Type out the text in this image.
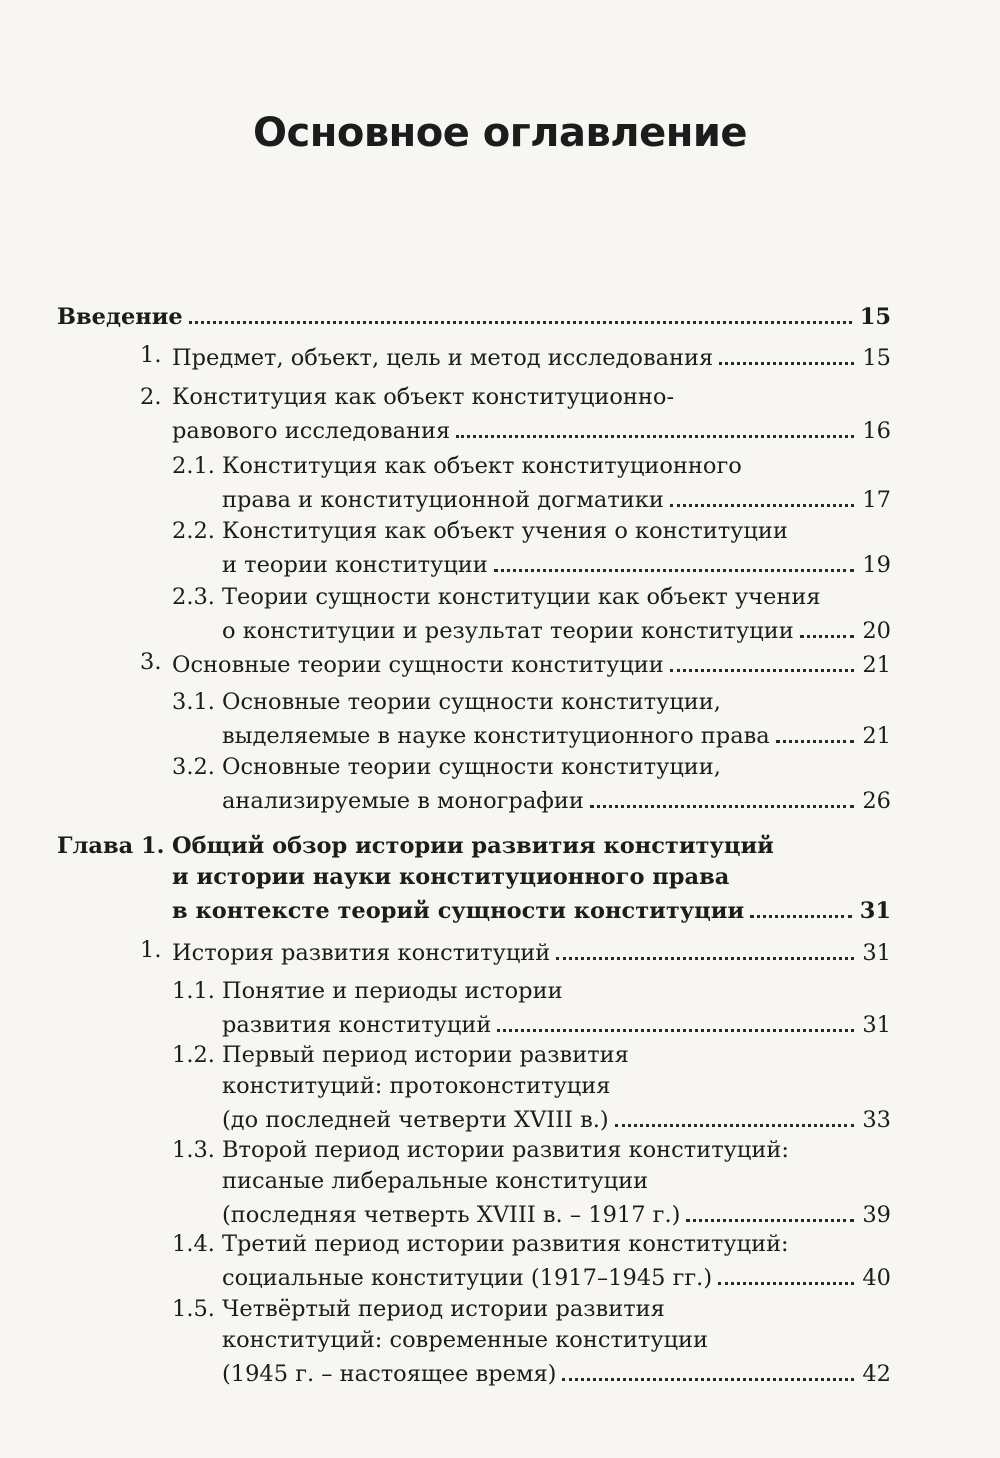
Основное оглавление
Введение	15
1. Предмет, объект, цель и метод исследования	15
2. Конституция как объект конституционно-
равового исследования	16
2.1. Конституция как объект конституционного
права и конституционной догматики	17
2.2. Конституция как объект учения о конституции
и теории конституции	19
2.3. Теории сущности конституции как объект учения
о конституции и результат теории конституции	20
3. Основные теории сущности конституции	21
3.1. Основные теории сущности конституции,
выделяемые в науке конституционного права	21
3.2. Основные теории сущности конституции,
анализируемые в монографии	26
Глава 1. Общий обзор истории развития конституций
и истории науки конституционного права
в контексте теорий сущности конституции	31
1. История развития конституций	31
1.1. Понятие и периоды истории
развития конституций	31
1.2. Первый период истории развития
конституций: протоконституция
(до последней четверти XVIII в.)	33
1.3. Второй период истории развития конституций:
писаные либеральные конституции
(последняя четверть XVIII в. – 1917 г.)	39
1.4. Третий период истории развития конституций:
социальные конституции (1917–1945 гг.)	40
1.5. Четвёртый период истории развития
конституций: современные конституции
(1945 г. – настоящее время)	42
